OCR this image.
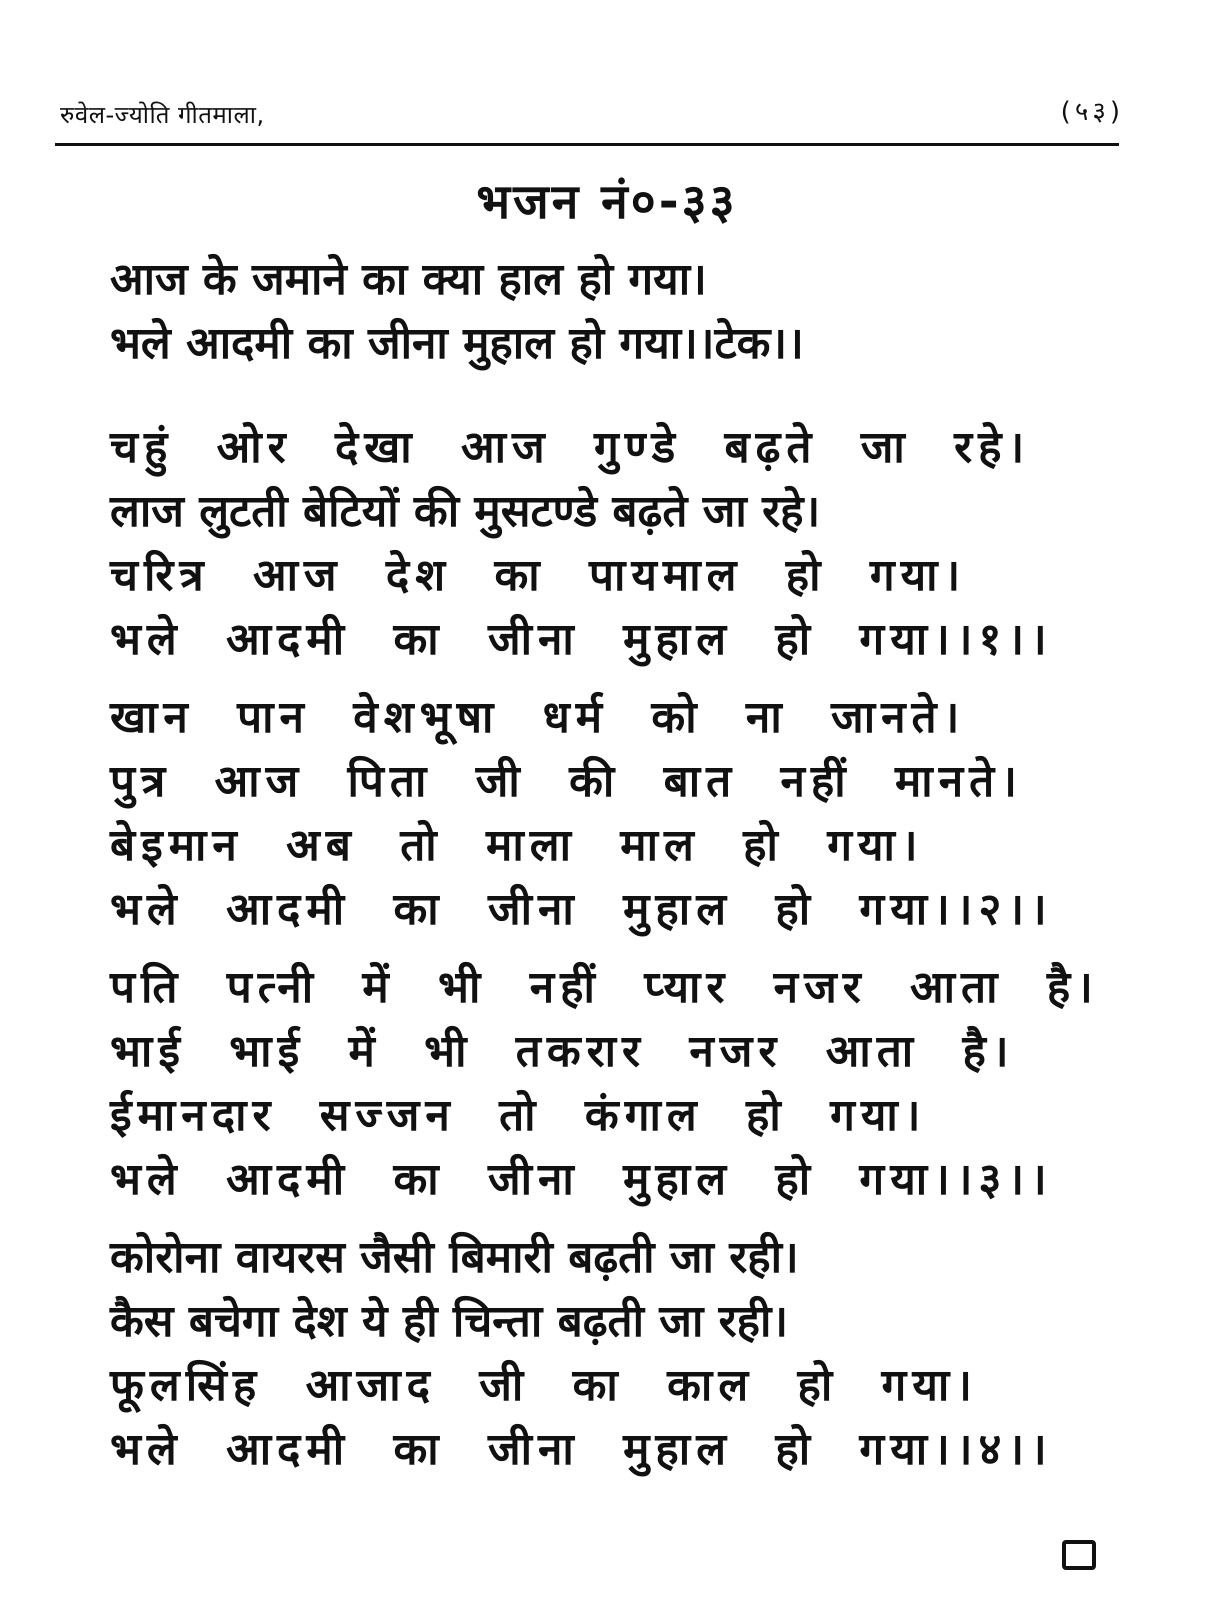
रुवेल-ज्योति गीतमाला,	(५३)
भजन नं०-३३
आज के जमाने का क्या हाल हो गया।
भले आदमी का जीना मुहाल हो गया।।टेक।।
चहुं ओर देखा आज गुण्डे बढ़ते जा रहे।
लाज लुटती बेटियों की मुसटण्डे बढ़ते जा रहे।
चरित्र आज देश का पायमाल हो गया।
भले आदमी का जीना मुहाल हो गया।।१।।
खान पान वेशभूषा धर्म को ना जानते।
पुत्र आज पिता जी की बात नहीं मानते।
बेइमान अब तो माला माल हो गया।
भले आदमी का जीना मुहाल हो गया।।२।।
पति पत्नी में भी नहीं प्यार नजर आता है।
भाई भाई में भी तकरार नजर आता है।
ईमानदार सज्जन तो कंगाल हो गया।
भले आदमी का जीना मुहाल हो गया।।३।।
कोरोना वायरस जैसी बिमारी बढ़ती जा रही।
कैस बचेगा देश ये ही चिन्ता बढ़ती जा रही।
फूलसिंह आजाद जी का काल हो गया।
भले आदमी का जीना मुहाल हो गया।।४।।
